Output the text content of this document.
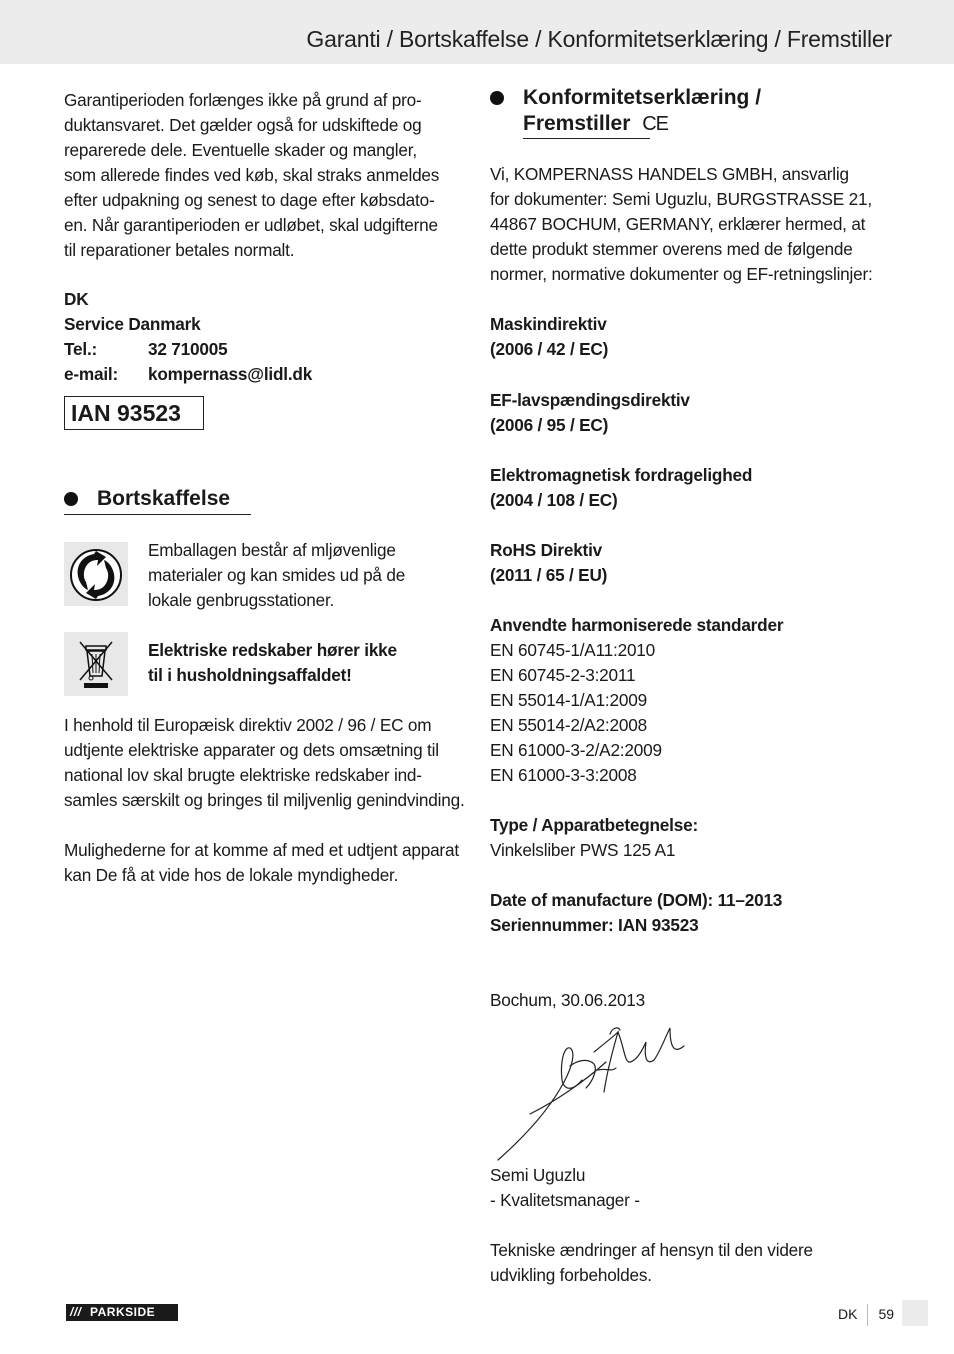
Garanti / Bortskaffelse / Konformitetserklæring / Fremstiller
Garantiperioden forlænges ikke på grund af pro-
duktansvaret. Det gælder også for udskiftede og
reparerede dele. Eventuelle skader og mangler,
som allerede findes ved køb, skal straks anmeldes
efter udpakning og senest to dage efter købsdato-
en. Når garantiperioden er udløbet, skal udgifterne
til reparationer betales normalt.
DK
Service Danmark
Tel.:	32 710005
e-mail: kompernass@lidl.dk
IAN 93523
Bortskaffelse
Emballagen består af mljøvenlige
materialer og kan smides ud på de
lokale genbrugsstationer.
Elektriske redskaber hører ikke
til i husholdningsaffaldet!
I henhold til Europæisk direktiv 2002 / 96 / EC om
udtjente elektriske apparater og dets omsætning til
national lov skal brugte elektriske redskaber ind-
samles særskilt og bringes til miljvenlig genindvinding.
Mulighederne for at komme af med et udtjent apparat
kan De få at vide hos de lokale myndigheder.
Konformitetserklæring /
Fremstiller CE
Vi, KOMPERNASS HANDELS GMBH, ansvarlig
for dokumenter: Semi Uguzlu, BURGSTRASSE 21,
44867 BOCHUM, GERMANY, erklærer hermed, at
dette produkt stemmer overens med de følgende
normer, normative dokumenter og EF-retningslinjer:
Maskindirektiv
(2006 / 42 / EC)
EF-lavspændingsdirektiv
(2006 / 95 / EC)
Elektromagnetisk fordragelighed
(2004 / 108 / EC)
RoHS Direktiv
(2011 / 65 / EU)
Anvendte harmoniserede standarder
EN 60745-1/A11:2010
EN 60745-2-3:2011
EN 55014-1/A1:2009
EN 55014-2/A2:2008
EN 61000-3-2/A2:2009
EN 61000-3-3:2008
Type / Apparatbetegnelse:
Vinkelsliber PWS 125 A1
Date of manufacture (DOM): 11–2013
Seriennummer: IAN 93523
Bochum, 30.06.2013
Semi Uguzlu
- Kvalitetsmanager -
Tekniske ændringer af hensyn til den videre
udvikling forbeholdes.
/// PARKSIDE	DK 59
